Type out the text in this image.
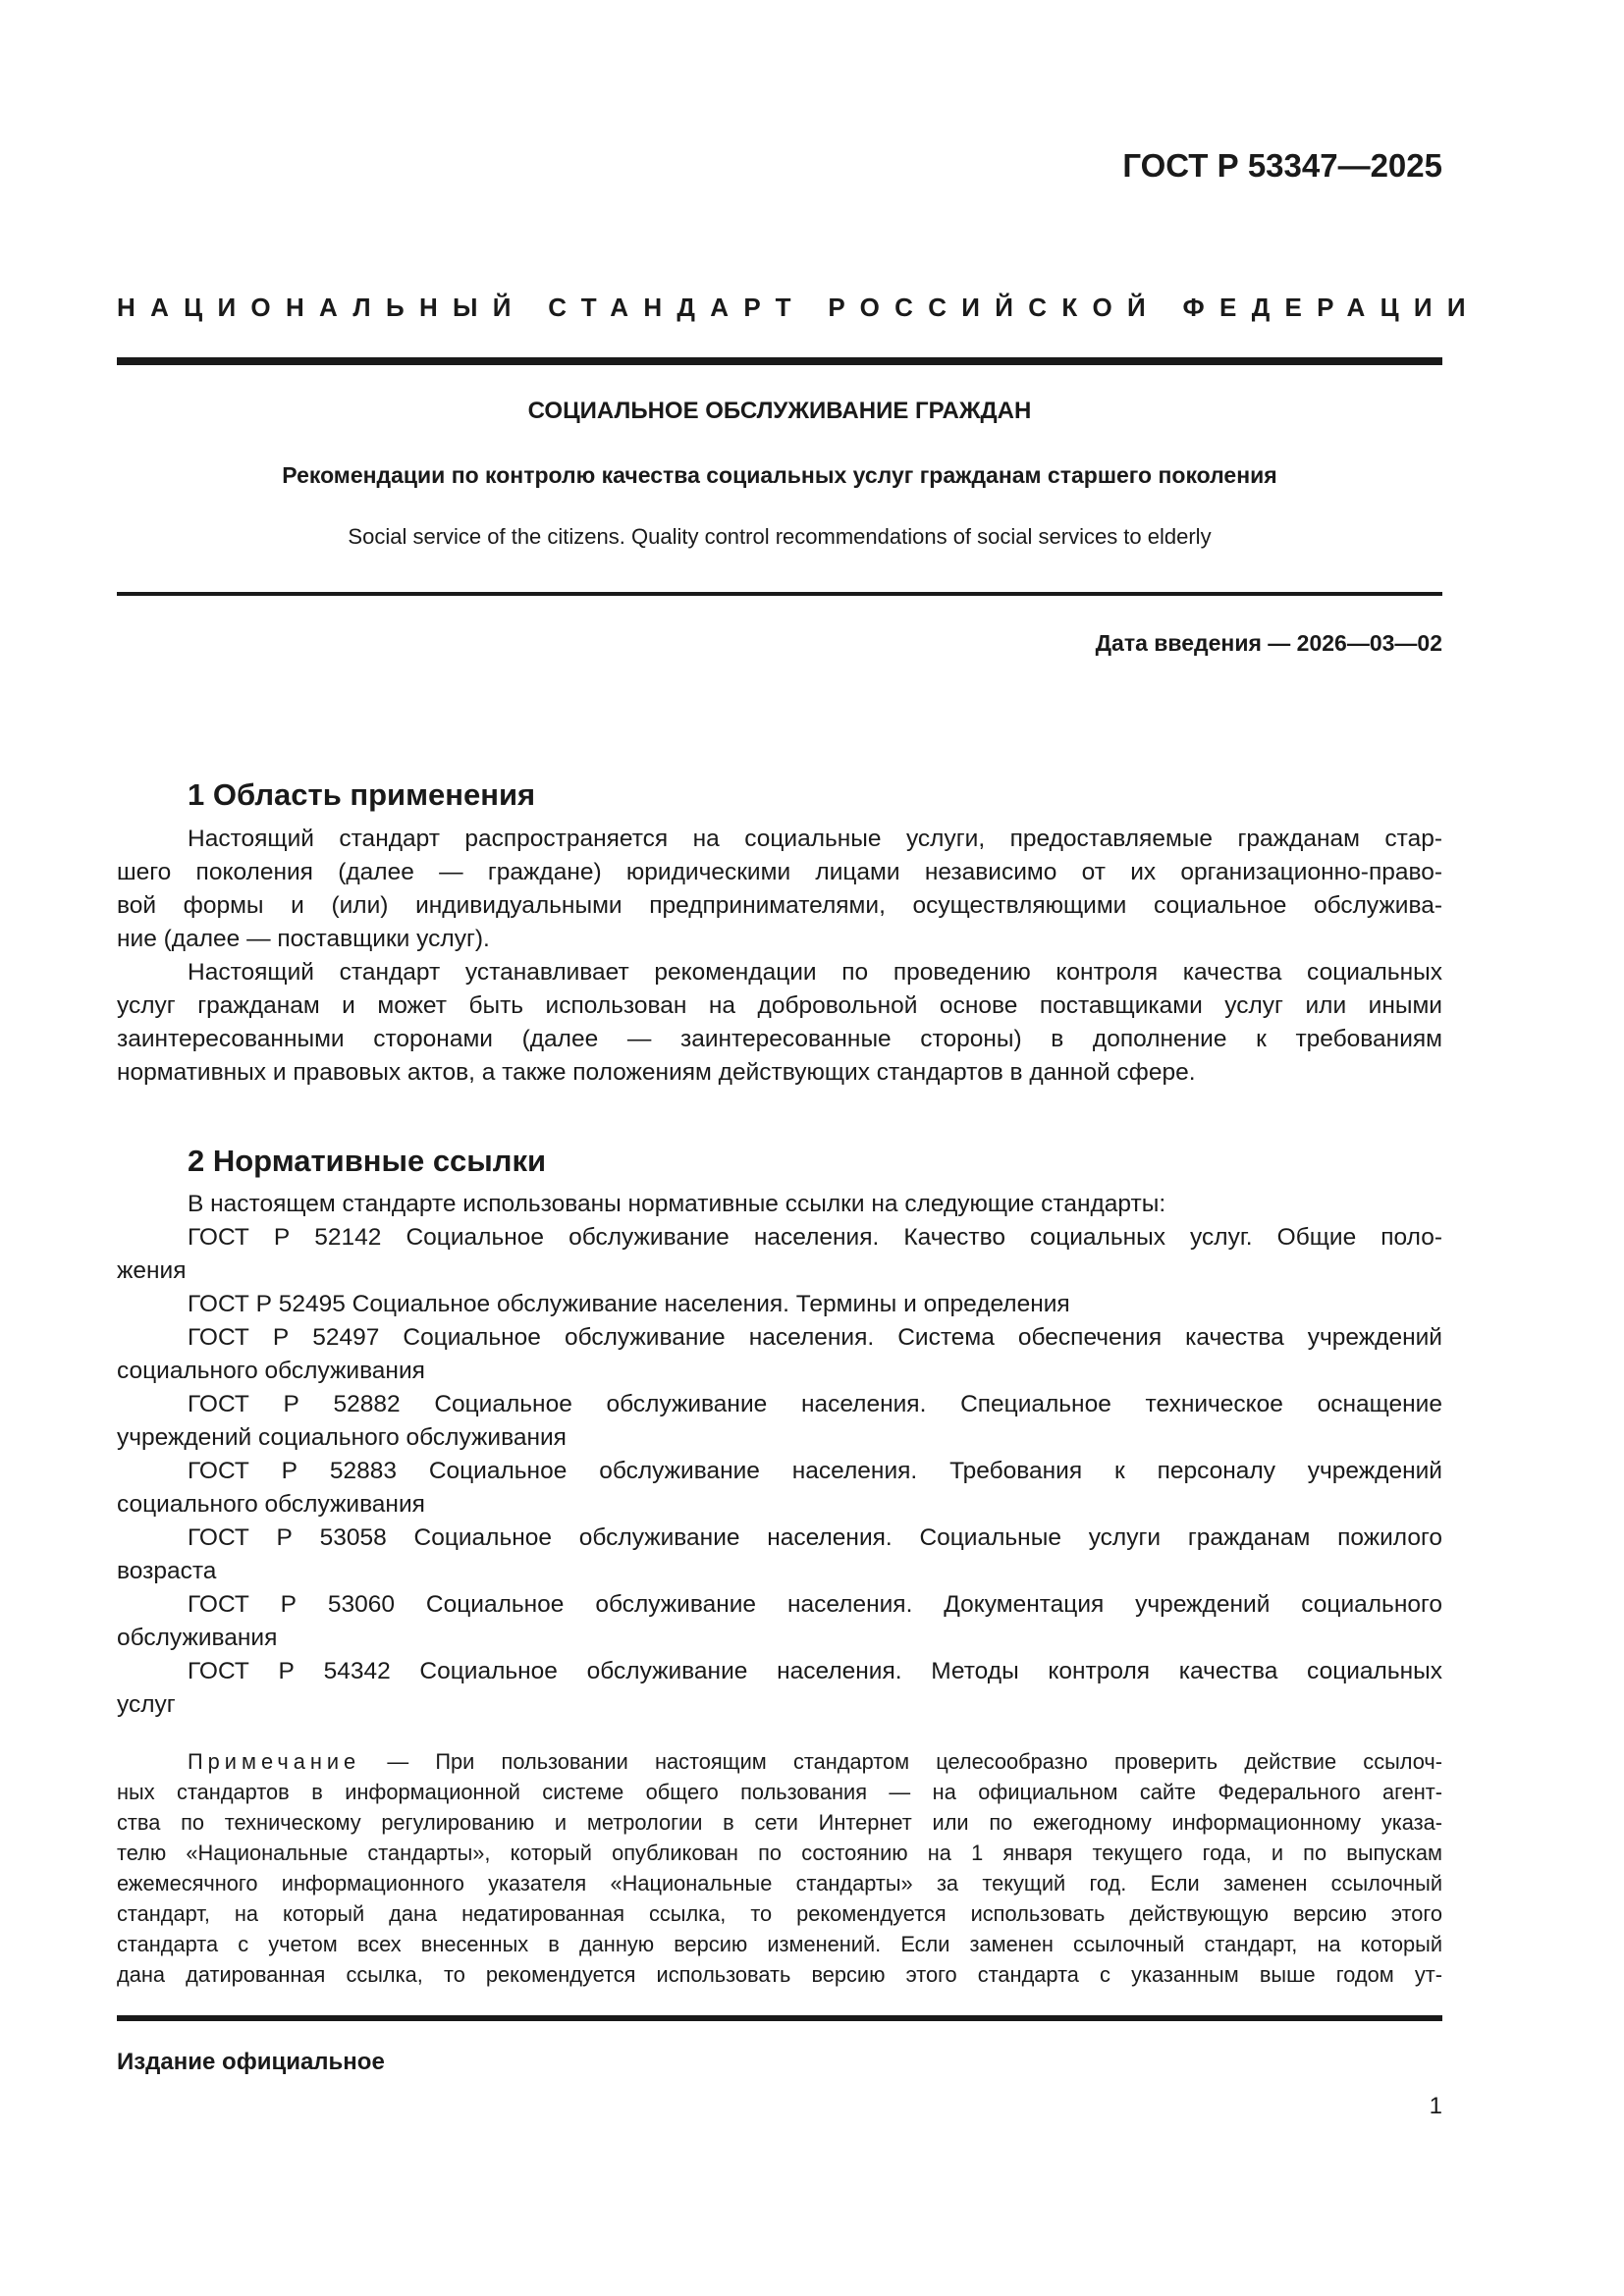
ГОСТ Р 53347—2025
НАЦИОНАЛЬНЫЙ СТАНДАРТ РОССИЙСКОЙ ФЕДЕРАЦИИ
СОЦИАЛЬНОЕ ОБСЛУЖИВАНИЕ ГРАЖДАН
Рекомендации по контролю качества социальных услуг гражданам старшего поколения
Social service of the citizens. Quality control recommendations of social services to elderly
Дата введения — 2026—03—02
1 Область применения
Настоящий стандарт распространяется на социальные услуги, предоставляемые гражданам стар-
шего поколения (далее — граждане) юридическими лицами независимо от их организационно-право-
вой формы и (или) индивидуальными предпринимателями, осуществляющими социальное обслужива-
ние (далее — поставщики услуг).
Настоящий стандарт устанавливает рекомендации по проведению контроля качества социальных
услуг гражданам и может быть использован на добровольной основе поставщиками услуг или иными
заинтересованными сторонами (далее — заинтересованные стороны) в дополнение к требованиям
нормативных и правовых актов, а также положениям действующих стандартов в данной сфере.
2 Нормативные ссылки
В настоящем стандарте использованы нормативные ссылки на следующие стандарты:
ГОСТ Р 52142 Социальное обслуживание населения. Качество социальных услуг. Общие поло-
жения
ГОСТ Р 52495 Социальное обслуживание населения. Термины и определения
ГОСТ Р 52497 Социальное обслуживание населения. Система обеспечения качества учреждений
социального обслуживания
ГОСТ Р 52882 Социальное обслуживание населения. Специальное техническое оснащение
учреждений социального обслуживания
ГОСТ Р 52883 Социальное обслуживание населения. Требования к персоналу учреждений
социального обслуживания
ГОСТ Р 53058 Социальное обслуживание населения. Социальные услуги гражданам пожилого
возраста
ГОСТ Р 53060 Социальное обслуживание населения. Документация учреждений социального
обслуживания
ГОСТ Р 54342 Социальное обслуживание населения. Методы контроля качества социальных
услуг
Примечание — При пользовании настоящим стандартом целесообразно проверить действие ссылоч-
ных стандартов в информационной системе общего пользования — на официальном сайте Федерального агент-
ства по техническому регулированию и метрологии в сети Интернет или по ежегодному информационному указа-
телю «Национальные стандарты», который опубликован по состоянию на 1 января текущего года, и по выпускам
ежемесячного информационного указателя «Национальные стандарты» за текущий год. Если заменен ссылочный
стандарт, на который дана недатированная ссылка, то рекомендуется использовать действующую версию этого
стандарта с учетом всех внесенных в данную версию изменений. Если заменен ссылочный стандарт, на который
дана датированная ссылка, то рекомендуется использовать версию этого стандарта с указанным выше годом ут-
Издание официальное
1
